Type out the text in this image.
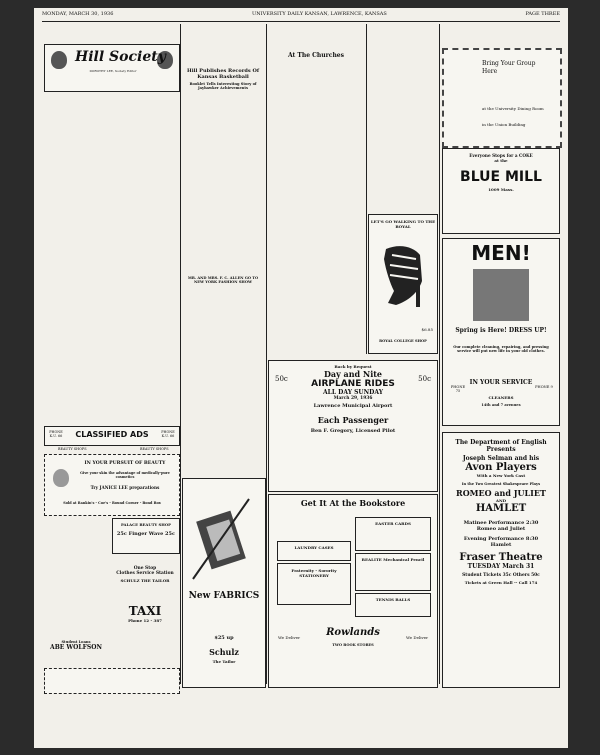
MONDAY, MARCH 30, 1936	UNIVERSITY DAILY KANSAN, LAWRENCE, KANSAS	PAGE THREE
Hill Society
DOROTHY LEE, Society Editor

	Hill Publishes Records Of Kansas Basketball
Booklet Tells Interesting Story of Jayhawker Achievements

MR. AND MRS. F. C. ALLEN GO TO NEW YORK FASHION SHOW
At The Churches

LET'S GO WALKING TO THE ROYAL
$6.85
ROYAL COLLEGE SHOP
Bring Your Group Here
at the University Dining Room
in the Union Building
Everyone Stops for a COKE
at the
BLUE MILL
1009 Mass.
MEN!
Spring is Here! DRESS UP!
Our complete cleaning, repairing, and pressing service will put new life in your old clothes.
PHONE 75
IN YOUR SERVICE
CLEANERS
14th and 7 avenues
PHONE 9
PHONE K.U. 66	CLASSIFIED ADS	PHONE K.U. 66
BEAUTY SHOPS	BEAUTY SHOPS
IN YOUR PURSUIT OF BEAUTY
Give your skin the advantage of medically-pure cosmetics
Try JANICE LEE preparations
Sold at Rankin's - Coe's - Round Corner - Bond Box

PALACE BEAUTY SHOP
25c Finger Wave 25c
One Stop
Clothes Service Station
SCHULZ THE TAILOR
TAXI
Phone 12 - 387
Student Loans
ABE WOLFSON
New FABRICS
$25 up
Schulz
The Tailor
Back by Request
50c	Day and Nite	50c
AIRPLANE RIDES
ALL DAY SUNDAY
March 29, 1936
Lawrence Municipal Airport
Each Passenger
Ben F. Gregory, Licensed Pilot
Get It At the Bookstore
LAUNDRY CASES
Fraternity - Sorority STATIONERY
EASTER CARDS
REALITE Mechanical Pencil
TENNIS BALLS
We Deliver	Rowlands
TWO BOOK STORES
We Deliver
The Department of English Presents
Joseph Selman and his
Avon Players
With a New York Cast
In the Two Greatest Shakespeare Plays
ROMEO and JULIET
AND
HAMLET
Matinee Performance 2:30
Romeo and Juliet
Evening Performance 8:30
Hamlet
Fraser Theatre
TUESDAY March 31
Student Tickets 35c Others 50c
Tickets at Green Hall -- Call 174
